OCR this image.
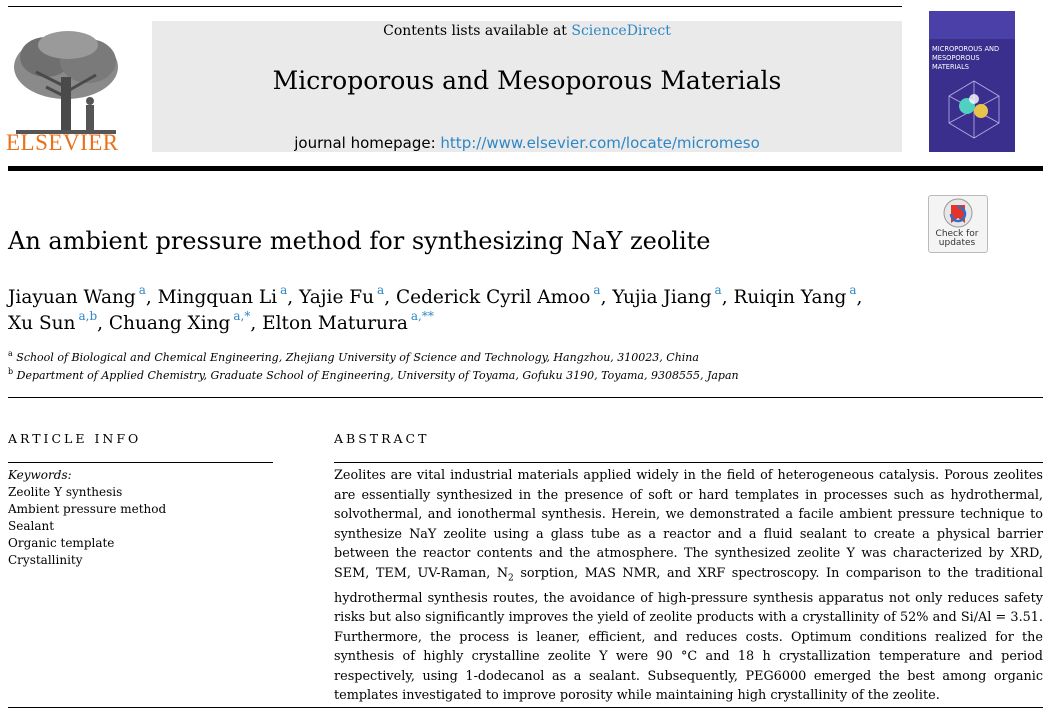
ELSEVIER
Contents lists available at ScienceDirect
Microporous and Mesoporous Materials
journal homepage: http://www.elsevier.com/locate/micromeso
MICROPOROUS AND MESOPOROUS MATERIALS
Check for updates
An ambient pressure method for synthesizing NaY zeolite
Jiayuan Wang $^a$, Mingquan Li $^a$, Yajie Fu $^a$, Cederick Cyril Amoo $^a$, Yujia Jiang $^a$, Ruiqin Yang $^a$,
Xu Sun $^{a,b}$, Chuang Xing $^{a,*}$, Elton Maturura $^{a,**}$
$^a$ School of Biological and Chemical Engineering, Zhejiang University of Science and Technology, Hangzhou, 310023, China
$^b$ Department of Applied Chemistry, Graduate School of Engineering, University of Toyama, Gofuku 3190, Toyama, 9308555, Japan
ARTICLE INFO
Keywords:
Zeolite Y synthesis
Ambient pressure method
Sealant
Organic template
Crystallinity
ABSTRACT
Zeolites are vital industrial materials applied widely in the field of heterogeneous catalysis. Porous zeolites are essentially synthesized in the presence of soft or hard templates in processes such as hydrothermal, solvothermal, and ionothermal synthesis. Herein, we demonstrated a facile ambient pressure technique to synthesize NaY zeolite using a glass tube as a reactor and a fluid sealant to create a physical barrier between the reactor contents and the atmosphere. The synthesized zeolite Y was characterized by XRD, SEM, TEM, UV-Raman, $N_2$ sorption, MAS NMR, and XRF spectroscopy. In comparison to the traditional hydrothermal synthesis routes, the avoidance of high-pressure synthesis apparatus not only reduces safety risks but also significantly improves the yield of zeolite products with a crystallinity of 52% and Si/Al = 3.51. Furthermore, the process is leaner, efficient, and reduces costs. Optimum conditions realized for the synthesis of highly crystalline zeolite Y were 90 °C and 18 h crystallization temperature and period respectively, using 1-dodecanol as a sealant. Subsequently, PEG6000 emerged the best among organic templates investigated to improve porosity while maintaining high crystallinity of the zeolite.
